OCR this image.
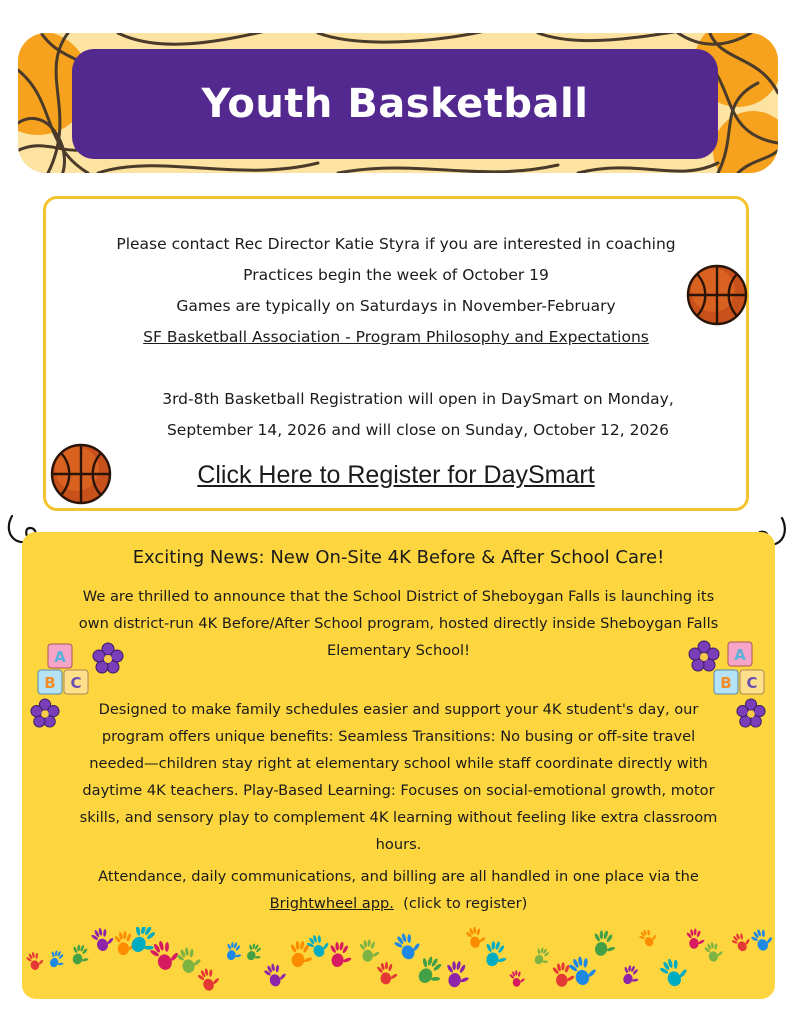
Youth Basketball
Please contact Rec Director Katie Styra if you are interested in coaching
Practices begin the week of October 19
Games are typically on Saturdays in November-February
SF Basketball Association - Program Philosophy and Expectations
3rd-8th Basketball Registration will open in DaySmart on Monday,
September 14, 2026 and will close on Sunday, October 12, 2026
Click Here to Register for DaySmart
Exciting News: New On-Site 4K Before & After School Care!
We are thrilled to announce that the School District of Sheboygan Falls is launching its
own district-run 4K Before/After School program, hosted directly inside Sheboygan Falls
Elementary School!
Designed to make family schedules easier and support your 4K student's day, our
program offers unique benefits: Seamless Transitions: No busing or off-site travel
needed—children stay right at elementary school while staff coordinate directly with
daytime 4K teachers. Play-Based Learning: Focuses on social-emotional growth, motor
skills, and sensory play to complement 4K learning without feeling like extra classroom
hours.
Attendance, daily communications, and billing are all handled in one place via the
Brightwheel app.  (click to register)
A
B C
A
B C
